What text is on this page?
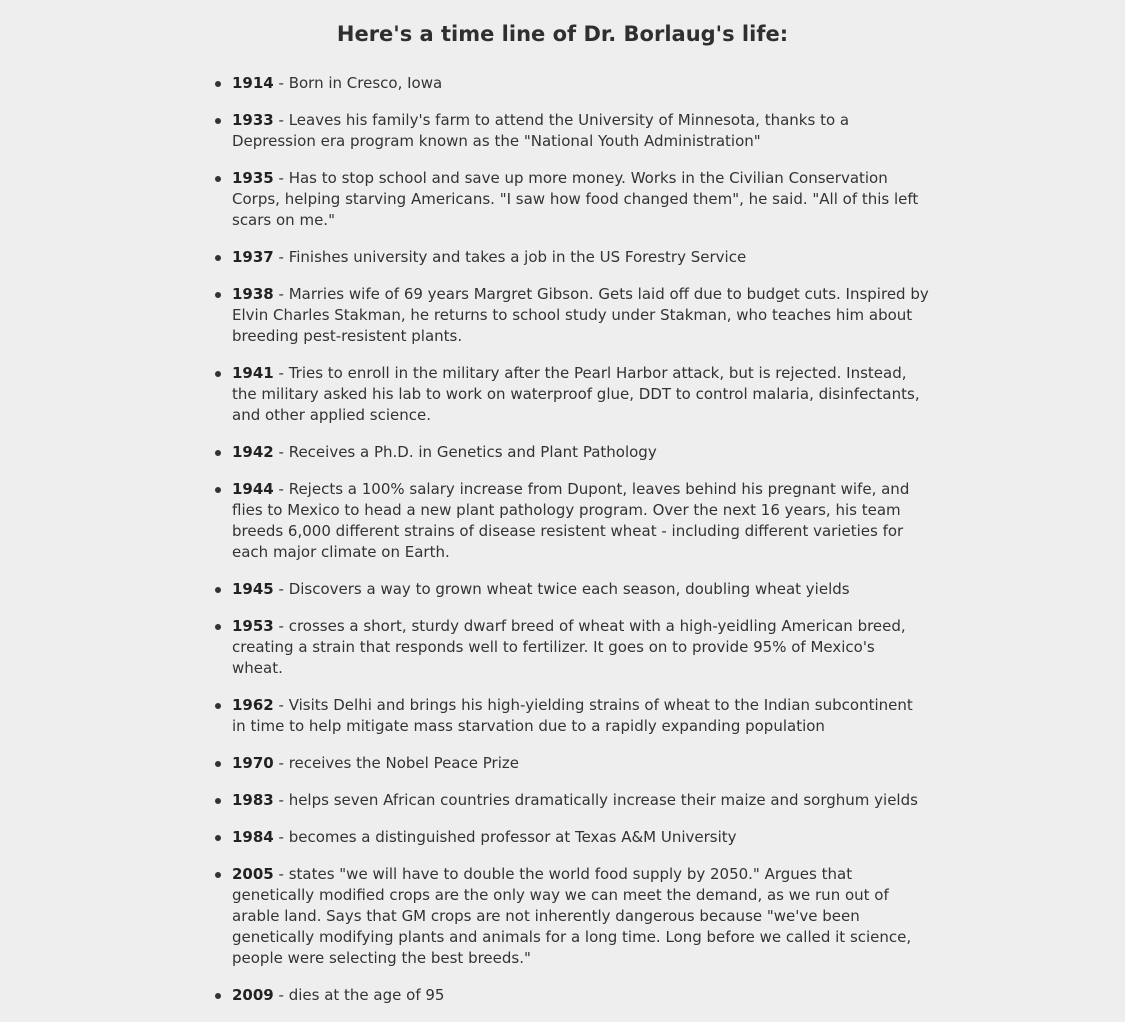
Here's a time line of Dr. Borlaug's life:
1914 - Born in Cresco, Iowa
1933 - Leaves his family's farm to attend the University of Minnesota, thanks to a Depression era program known as the "National Youth Administration"
1935 - Has to stop school and save up more money. Works in the Civilian Conservation Corps, helping starving Americans. "I saw how food changed them", he said. "All of this left scars on me."
1937 - Finishes university and takes a job in the US Forestry Service
1938 - Marries wife of 69 years Margret Gibson. Gets laid off due to budget cuts. Inspired by Elvin Charles Stakman, he returns to school study under Stakman, who teaches him about breeding pest-resistent plants.
1941 - Tries to enroll in the military after the Pearl Harbor attack, but is rejected. Instead, the military asked his lab to work on waterproof glue, DDT to control malaria, disinfectants, and other applied science.
1942 - Receives a Ph.D. in Genetics and Plant Pathology
1944 - Rejects a 100% salary increase from Dupont, leaves behind his pregnant wife, and flies to Mexico to head a new plant pathology program. Over the next 16 years, his team breeds 6,000 different strains of disease resistent wheat - including different varieties for each major climate on Earth.
1945 - Discovers a way to grown wheat twice each season, doubling wheat yields
1953 - crosses a short, sturdy dwarf breed of wheat with a high-yeidling American breed, creating a strain that responds well to fertilizer. It goes on to provide 95% of Mexico's wheat.
1962 - Visits Delhi and brings his high-yielding strains of wheat to the Indian subcontinent in time to help mitigate mass starvation due to a rapidly expanding population
1970 - receives the Nobel Peace Prize
1983 - helps seven African countries dramatically increase their maize and sorghum yields
1984 - becomes a distinguished professor at Texas A&M University
2005 - states "we will have to double the world food supply by 2050." Argues that genetically modified crops are the only way we can meet the demand, as we run out of arable land. Says that GM crops are not inherently dangerous because "we've been genetically modifying plants and animals for a long time. Long before we called it science, people were selecting the best breeds."
2009 - dies at the age of 95
